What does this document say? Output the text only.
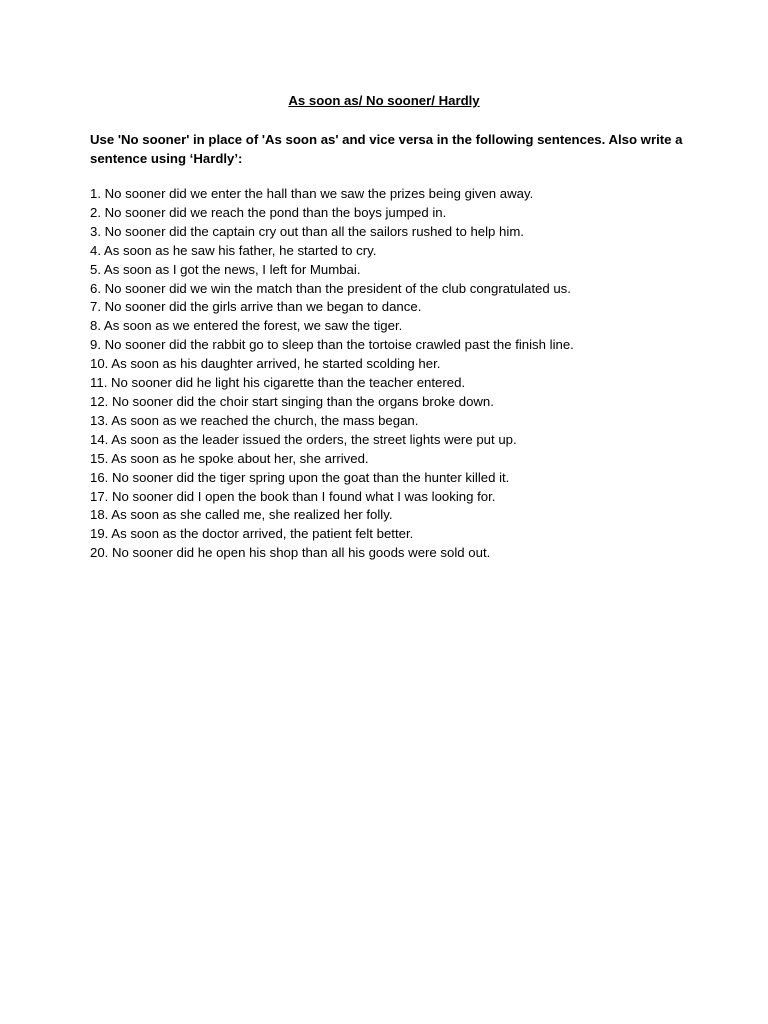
As soon as/ No sooner/ Hardly
Use 'No sooner' in place of 'As soon as' and vice versa in the following sentences. Also write a sentence using ‘Hardly’:
1. No sooner did we enter the hall than we saw the prizes being given away.
2. No sooner did we reach the pond than the boys jumped in.
3. No sooner did the captain cry out than all the sailors rushed to help him.
4. As soon as he saw his father, he started to cry.
5. As soon as I got the news, I left for Mumbai.
6. No sooner did we win the match than the president of the club congratulated us.
7. No sooner did the girls arrive than we began to dance.
8. As soon as we entered the forest, we saw the tiger.
9. No sooner did the rabbit go to sleep than the tortoise crawled past the finish line.
10. As soon as his daughter arrived, he started scolding her.
11. No sooner did he light his cigarette than the teacher entered.
12. No sooner did the choir start singing than the organs broke down.
13. As soon as we reached the church, the mass began.
14. As soon as the leader issued the orders, the street lights were put up.
15. As soon as he spoke about her, she arrived.
16. No sooner did the tiger spring upon the goat than the hunter killed it.
17. No sooner did I open the book than I found what I was looking for.
18. As soon as she called me, she realized her folly.
19. As soon as the doctor arrived, the patient felt better.
20. No sooner did he open his shop than all his goods were sold out.
